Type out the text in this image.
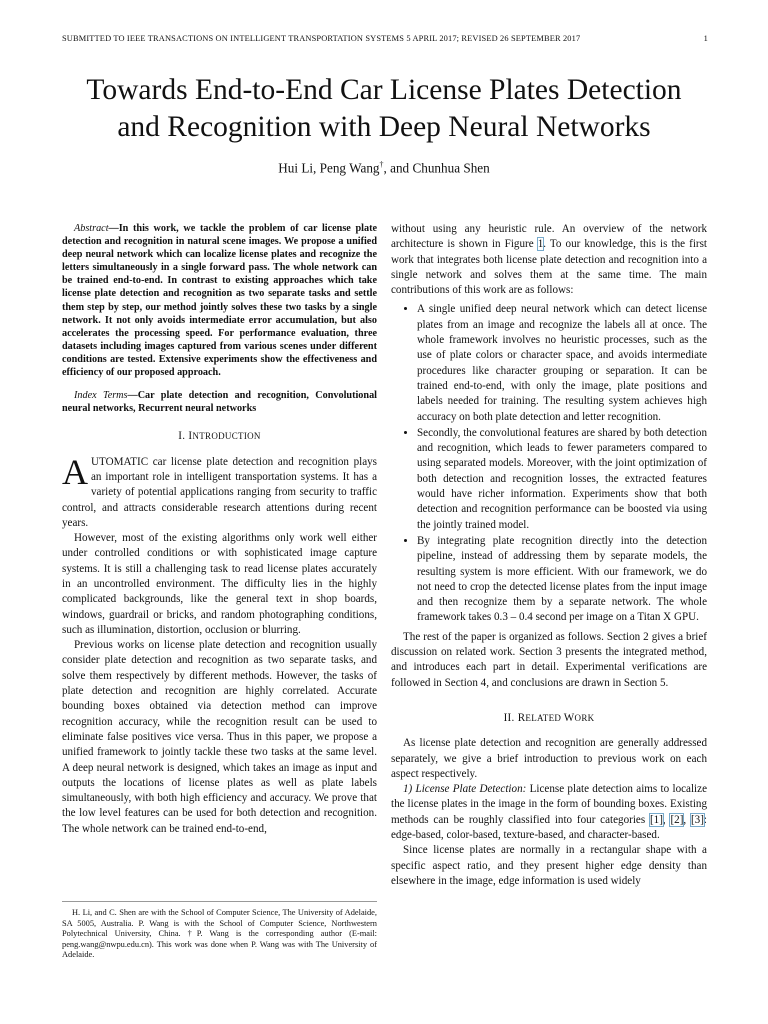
SUBMITTED TO IEEE TRANSACTIONS ON INTELLIGENT TRANSPORTATION SYSTEMS 5 APRIL 2017; REVISED 26 SEPTEMBER 2017	1
Towards End-to-End Car License Plates Detection
and Recognition with Deep Neural Networks
Hui Li, Peng Wang†, and Chunhua Shen

Abstract—In this work, we tackle the problem of car license plate detection and recognition in natural scene images. We propose a unified deep neural network which can localize license plates and recognize the letters simultaneously in a single forward pass. The whole network can be trained end-to-end. In contrast to existing approaches which take license plate detection and recognition as two separate tasks and settle them step by step, our method jointly solves these two tasks by a single network. It not only avoids intermediate error accumulation, but also accelerates the processing speed. For performance evaluation, three datasets including images captured from various scenes under different conditions are tested. Extensive experiments show the effectiveness and efficiency of our proposed approach.

Index Terms—Car plate detection and recognition, Convolutional neural networks, Recurrent neural networks

I. INTRODUCTION

AUTOMATIC car license plate detection and recognition plays an important role in intelligent transportation systems. It has a variety of potential applications ranging from security to traffic control, and attracts considerable research attentions during recent years.

However, most of the existing algorithms only work well either under controlled conditions or with sophisticated image capture systems. It is still a challenging task to read license plates accurately in an uncontrolled environment. The difficulty lies in the highly complicated backgrounds, like the general text in shop boards, windows, guardrail or bricks, and random photographing conditions, such as illumination, distortion, occlusion or blurring.

Previous works on license plate detection and recognition usually consider plate detection and recognition as two separate tasks, and solve them respectively by different methods. However, the tasks of plate detection and recognition are highly correlated. Accurate bounding boxes obtained via detection method can improve recognition accuracy, while the recognition result can be used to eliminate false positives vice versa. Thus in this paper, we propose a unified framework to jointly tackle these two tasks at the same level. A deep neural network is designed, which takes an image as input and outputs the locations of license plates as well as plate labels simultaneously, with both high efficiency and accuracy. We prove that the low level features can be used for both detection and recognition. The whole network can be trained end-to-end,

H. Li, and C. Shen are with the School of Computer Science, The University of Adelaide, SA 5005, Australia. P. Wang is with the School of Computer Science, Northwestern Polytechnical University, China. †P. Wang is the corresponding author (E-mail: peng.wang@nwpu.edu.cn). This work was done when P. Wang was with The University of Adelaide.

without using any heuristic rule. An overview of the network architecture is shown in Figure 1. To our knowledge, this is the first work that integrates both license plate detection and recognition into a single network and solves them at the same time. The main contributions of this work are as follows:

• A single unified deep neural network which can detect license plates from an image and recognize the labels all at once. The whole framework involves no heuristic processes, such as the use of plate colors or character space, and avoids intermediate procedures like character grouping or separation. It can be trained end-to-end, with only the image, plate positions and labels needed for training. The resulting system achieves high accuracy on both plate detection and letter recognition.
• Secondly, the convolutional features are shared by both detection and recognition, which leads to fewer parameters compared to using separated models. Moreover, with the joint optimization of both detection and recognition losses, the extracted features would have richer information. Experiments show that both detection and recognition performance can be boosted via using the jointly trained model.
• By integrating plate recognition directly into the detection pipeline, instead of addressing them by separate models, the resulting system is more efficient. With our framework, we do not need to crop the detected license plates from the input image and then recognize them by a separate network. The whole framework takes 0.3 – 0.4 second per image on a Titan X GPU.

The rest of the paper is organized as follows. Section 2 gives a brief discussion on related work. Section 3 presents the integrated method, and introduces each part in detail. Experimental verifications are followed in Section 4, and conclusions are drawn in Section 5.

II. RELATED WORK

As license plate detection and recognition are generally addressed separately, we give a brief introduction to previous work on each aspect respectively.

1) License Plate Detection: License plate detection aims to localize the license plates in the image in the form of bounding boxes. Existing methods can be roughly classified into four categories [1], [2], [3]: edge-based, color-based, texture-based, and character-based.

Since license plates are normally in a rectangular shape with a specific aspect ratio, and they present higher edge density than elsewhere in the image, edge information is used widely
